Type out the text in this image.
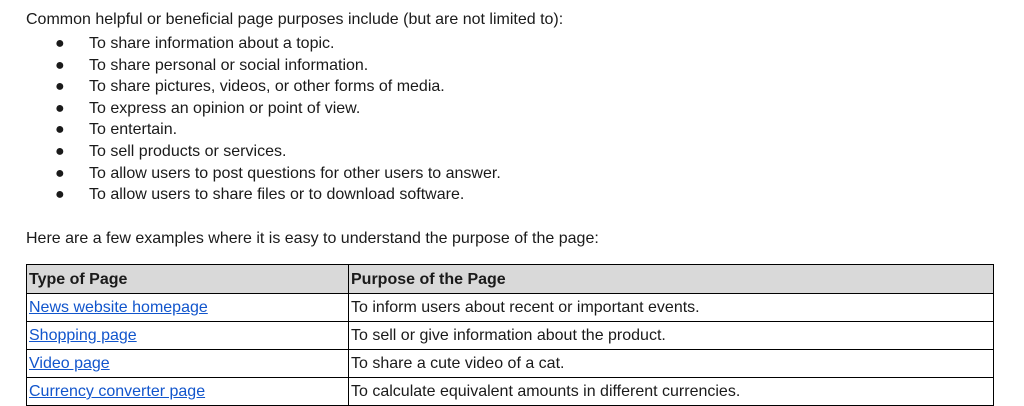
Common helpful or beneficial page purposes include (but are not limited to):

● To share information about a topic.
● To share personal or social information.
● To share pictures, videos, or other forms of media.
● To express an opinion or point of view.
● To entertain.
● To sell products or services.
● To allow users to post questions for other users to answer.
● To allow users to share files or to download software.

Here are a few examples where it is easy to understand the purpose of the page:

Type of Page	Purpose of the Page
News website homepage	To inform users about recent or important events.
Shopping page	To sell or give information about the product.
Video page	To share a cute video of a cat.
Currency converter page	To calculate equivalent amounts in different currencies.
